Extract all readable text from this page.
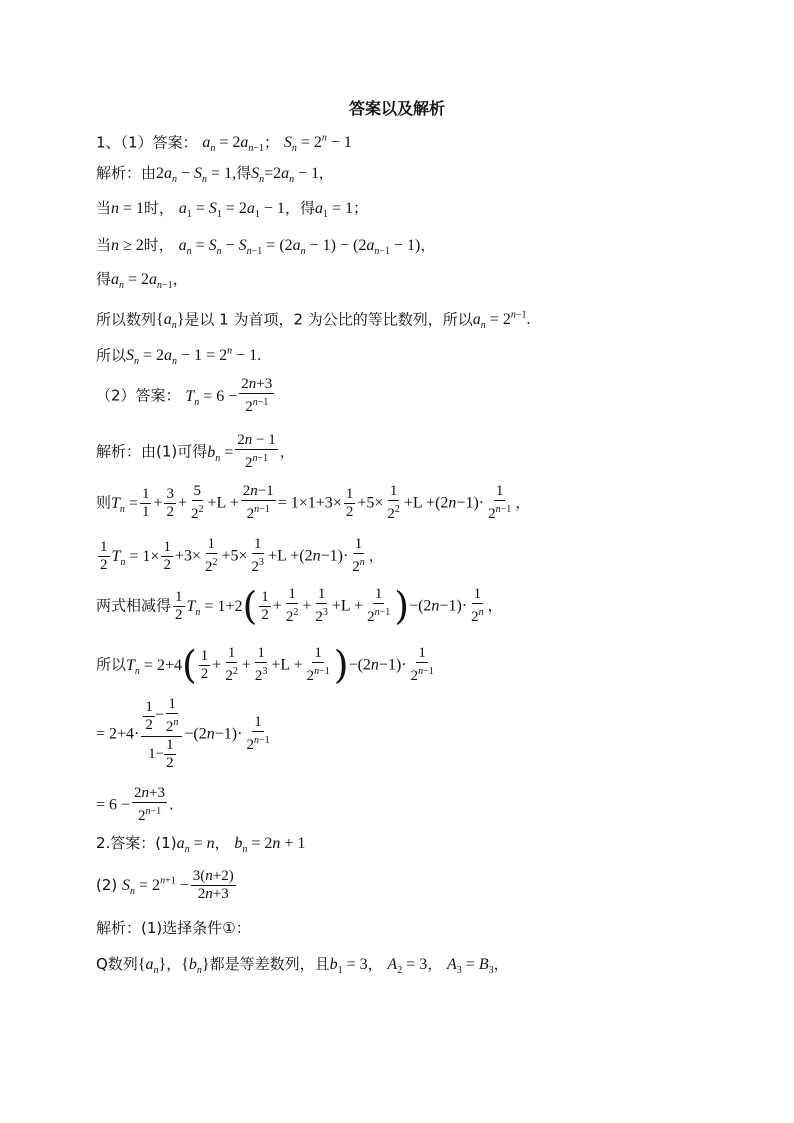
答案以及解析
1、（1）答案： $a_n = 2a_{n-1}$； $S_n = 2^n - 1$
解析：由$2a_n - S_n = 1$,得$S_n=2a_n - 1$,
当n = 1时， $a_1 = S_1 = 2a_1 - 1$，得$a_1 = 1$；
当n ≥ 2时， $a_n = S_n - S_{n-1} = (2a_n - 1) - (2a_{n-1} - 1)$，
得$a_n = 2a_{n-1}$，
所以数列$\{a_n\}$是以 1 为首项，2 为公比的等比数列，所以$a_n = 2^{n-1}$.
所以$S_n = 2a_n - 1 = 2^n - 1$.
（2）答案： $T_n = 6 - \frac{2n+3}{2^{n-1}}$
解析：由(1)可得$b_n = \frac{2n - 1}{2^{n-1}}$ ，
则$T_n = \frac{1}{1} + \frac{3}{2} + \frac{5}{2^2} +L + \frac{2n-1}{2^{n-1}} = 1\times 1+3\times \frac{1}{2} +5\times \frac{1}{2^2} +L +(2n-1)\cdot \frac{1}{2^{n-1}}$ ，
$\frac{1}{2} T_n = 1\times \frac{1}{2} +3\times \frac{1}{2^2} +5\times \frac{1}{2^3} +L +(2n-1)\cdot \frac{1}{2^n}$ ，
两式相减得 $\frac{1}{2} T_n = 1+2( \frac{1}{2} + \frac{1}{2^2} + \frac{1}{2^3} +L + \frac{1}{2^{n-1}} )-(2n-1)\cdot \frac{1}{2^n}$ ，
所以$T_n = 2+4( \frac{1}{2} + \frac{1}{2^2} + \frac{1}{2^3} +L + \frac{1}{2^{n-1}} )-(2n-1)\cdot \frac{1}{2^{n-1}}$
= $2+4\cdot \frac{\frac{1}{2} - \frac{1}{2^n}}{1- \frac{1}{2}} -(2n-1)\cdot \frac{1}{2^{n-1}}$
= $6 - \frac{2n+3}{2^{n-1}}$ .
2.答案：$(1)a_n = n$， $b_n = 2n + 1$
(2) $S_n = 2^{n+1} - \frac{3(n+2)}{2n+3}$
解析：(1)选择条件①：
Q数列$\{a_n\}$，$\{b_n\}$都是等差数列，且$b_1 = 3$， $A_2 = 3$， $A_3 = B_3$，
